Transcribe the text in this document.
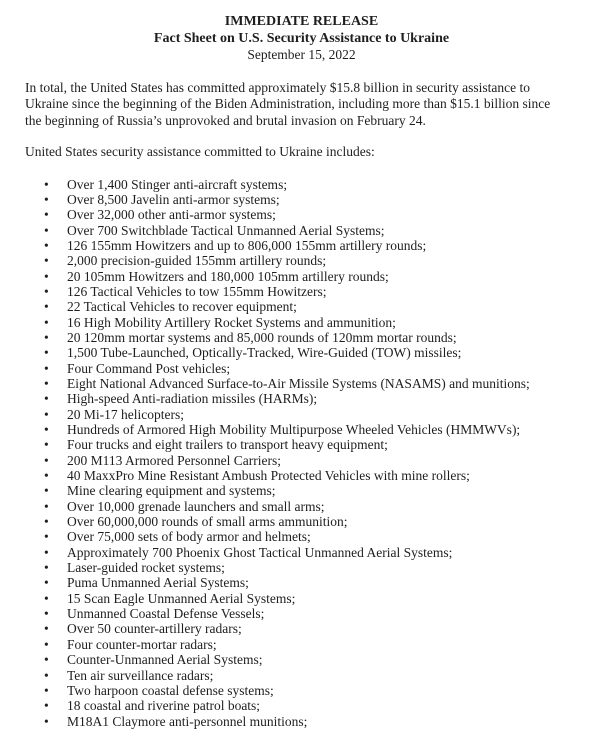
IMMEDIATE RELEASE
Fact Sheet on U.S. Security Assistance to Ukraine
September 15, 2022
In total, the United States has committed approximately $15.8 billion in security assistance to
Ukraine since the beginning of the Biden Administration, including more than $15.1 billion since
the beginning of Russia’s unprovoked and brutal invasion on February 24.
United States security assistance committed to Ukraine includes:
• Over 1,400 Stinger anti-aircraft systems;
• Over 8,500 Javelin anti-armor systems;
• Over 32,000 other anti-armor systems;
• Over 700 Switchblade Tactical Unmanned Aerial Systems;
• 126 155mm Howitzers and up to 806,000 155mm artillery rounds;
• 2,000 precision-guided 155mm artillery rounds;
• 20 105mm Howitzers and 180,000 105mm artillery rounds;
• 126 Tactical Vehicles to tow 155mm Howitzers;
• 22 Tactical Vehicles to recover equipment;
• 16 High Mobility Artillery Rocket Systems and ammunition;
• 20 120mm mortar systems and 85,000 rounds of 120mm mortar rounds;
• 1,500 Tube-Launched, Optically-Tracked, Wire-Guided (TOW) missiles;
• Four Command Post vehicles;
• Eight National Advanced Surface-to-Air Missile Systems (NASAMS) and munitions;
• High-speed Anti-radiation missiles (HARMs);
• 20 Mi-17 helicopters;
• Hundreds of Armored High Mobility Multipurpose Wheeled Vehicles (HMMWVs);
• Four trucks and eight trailers to transport heavy equipment;
• 200 M113 Armored Personnel Carriers;
• 40 MaxxPro Mine Resistant Ambush Protected Vehicles with mine rollers;
• Mine clearing equipment and systems;
• Over 10,000 grenade launchers and small arms;
• Over 60,000,000 rounds of small arms ammunition;
• Over 75,000 sets of body armor and helmets;
• Approximately 700 Phoenix Ghost Tactical Unmanned Aerial Systems;
• Laser-guided rocket systems;
• Puma Unmanned Aerial Systems;
• 15 Scan Eagle Unmanned Aerial Systems;
• Unmanned Coastal Defense Vessels;
• Over 50 counter-artillery radars;
• Four counter-mortar radars;
• Counter-Unmanned Aerial Systems;
• Ten air surveillance radars;
• Two harpoon coastal defense systems;
• 18 coastal and riverine patrol boats;
• M18A1 Claymore anti-personnel munitions;
